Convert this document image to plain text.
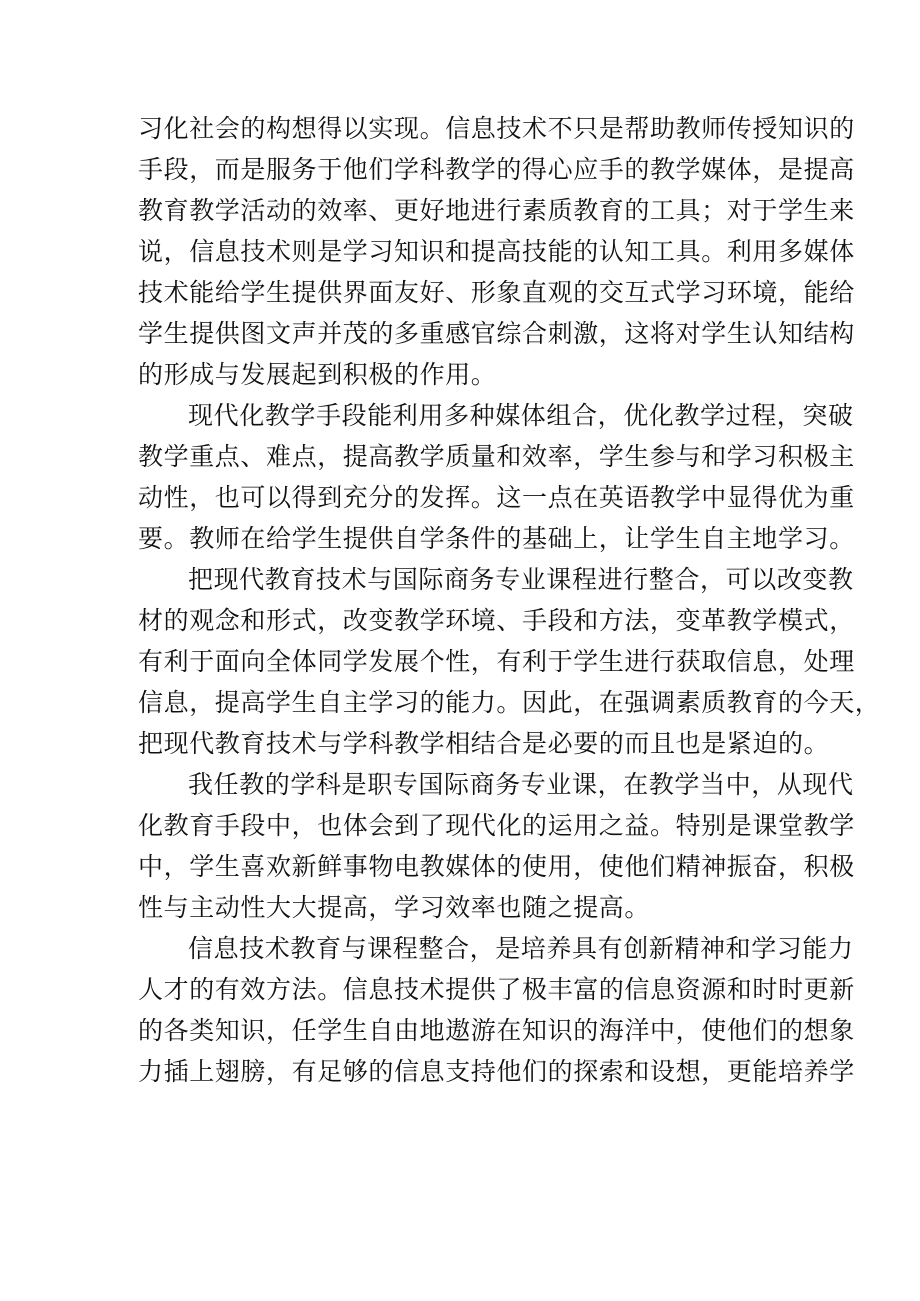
习化社会的构想得以实现。信息技术不只是帮助教师传授知识的
手段，而是服务于他们学科教学的得心应手的教学媒体，是提高
教育教学活动的效率、更好地进行素质教育的工具；对于学生来
说，信息技术则是学习知识和提高技能的认知工具。利用多媒体
技术能给学生提供界面友好、形象直观的交互式学习环境，能给
学生提供图文声并茂的多重感官综合刺激，这将对学生认知结构
的形成与发展起到积极的作用。
现代化教学手段能利用多种媒体组合，优化教学过程，突破
教学重点、难点，提高教学质量和效率，学生参与和学习积极主
动性，也可以得到充分的发挥。这一点在英语教学中显得优为重
要。教师在给学生提供自学条件的基础上，让学生自主地学习。
把现代教育技术与国际商务专业课程进行整合，可以改变教
材的观念和形式，改变教学环境、手段和方法，变革教学模式，
有利于面向全体同学发展个性，有利于学生进行获取信息，处理
信息，提高学生自主学习的能力。因此，在强调素质教育的今天，
把现代教育技术与学科教学相结合是必要的而且也是紧迫的。
我任教的学科是职专国际商务专业课，在教学当中，从现代
化教育手段中，也体会到了现代化的运用之益。特别是课堂教学
中，学生喜欢新鲜事物电教媒体的使用，使他们精神振奋，积极
性与主动性大大提高，学习效率也随之提高。
信息技术教育与课程整合，是培养具有创新精神和学习能力
人才的有效方法。信息技术提供了极丰富的信息资源和时时更新
的各类知识，任学生自由地遨游在知识的海洋中，使他们的想象
力插上翅膀，有足够的信息支持他们的探索和设想，更能培养学
